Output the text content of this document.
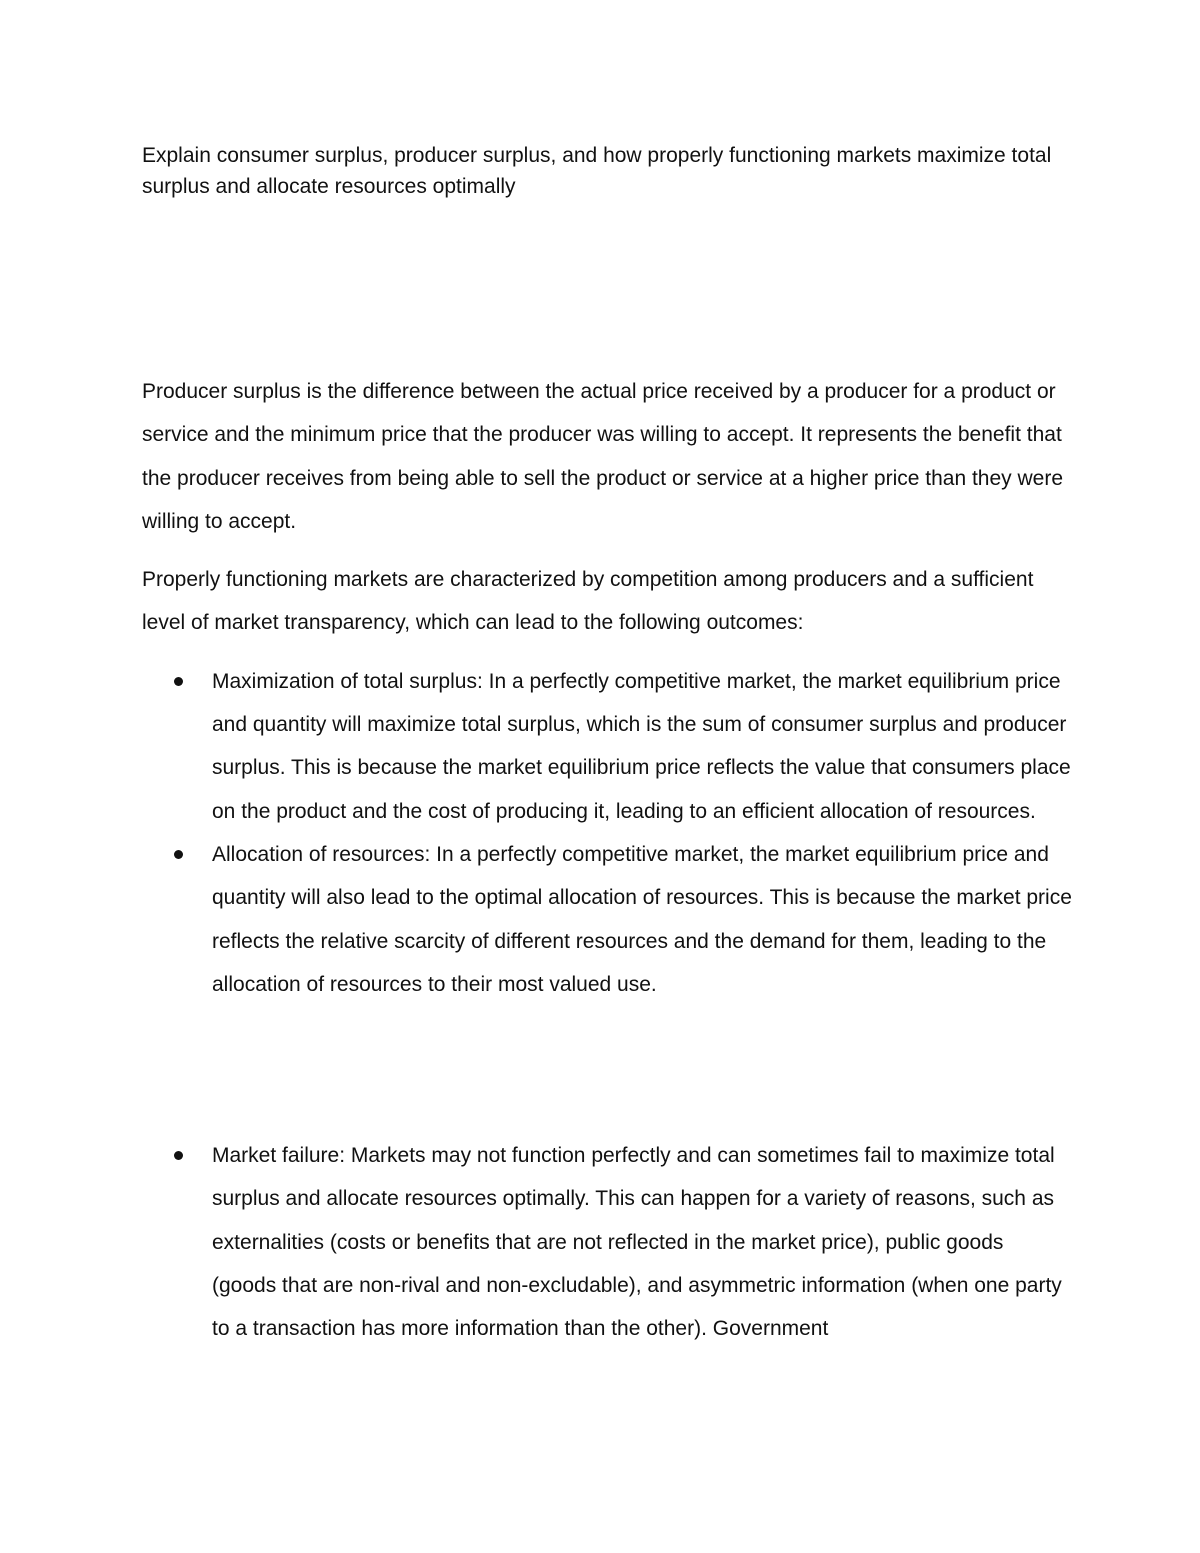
Explain consumer surplus, producer surplus, and how properly functioning markets maximize total surplus and allocate resources optimally

Producer surplus is the difference between the actual price received by a producer for a product or service and the minimum price that the producer was willing to accept. It represents the benefit that the producer receives from being able to sell the product or service at a higher price than they were willing to accept.

Properly functioning markets are characterized by competition among producers and a sufficient level of market transparency, which can lead to the following outcomes:

Maximization of total surplus: In a perfectly competitive market, the market equilibrium price and quantity will maximize total surplus, which is the sum of consumer surplus and producer surplus. This is because the market equilibrium price reflects the value that consumers place on the product and the cost of producing it, leading to an efficient allocation of resources.
Allocation of resources: In a perfectly competitive market, the market equilibrium price and quantity will also lead to the optimal allocation of resources. This is because the market price reflects the relative scarcity of different resources and the demand for them, leading to the allocation of resources to their most valued use.
Market failure: Markets may not function perfectly and can sometimes fail to maximize total surplus and allocate resources optimally. This can happen for a variety of reasons, such as externalities (costs or benefits that are not reflected in the market price), public goods (goods that are non-rival and non-excludable), and asymmetric information (when one party to a transaction has more information than the other). Government
